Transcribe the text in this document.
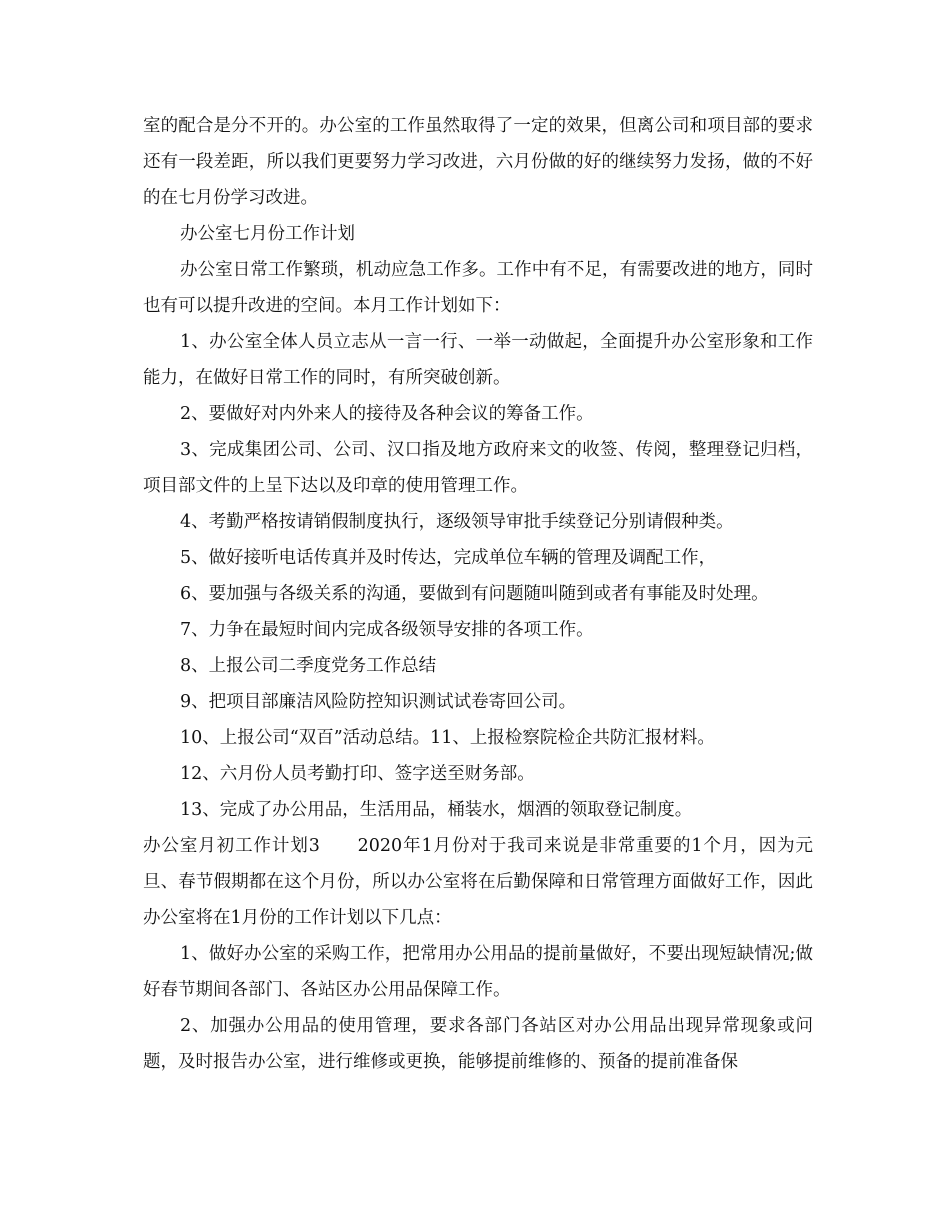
室的配合是分不开的。办公室的工作虽然取得了一定的效果，但离公司和项目部的要求还有一段差距，所以我们更要努力学习改进，六月份做的好的继续努力发扬，做的不好的在七月份学习改进。

办公室七月份工作计划

办公室日常工作繁琐，机动应急工作多。工作中有不足，有需要改进的地方，同时也有可以提升改进的空间。本月工作计划如下：

1、办公室全体人员立志从一言一行、一举一动做起，全面提升办公室形象和工作能力，在做好日常工作的同时，有所突破创新。

2、要做好对内外来人的接待及各种会议的筹备工作。

3、完成集团公司、公司、汉口指及地方政府来文的收签、传阅，整理登记归档，项目部文件的上呈下达以及印章的使用管理工作。

4、考勤严格按请销假制度执行，逐级领导审批手续登记分别请假种类。

5、做好接听电话传真并及时传达，完成单位车辆的管理及调配工作，

6、要加强与各级关系的沟通，要做到有问题随叫随到或者有事能及时处理。

7、力争在最短时间内完成各级领导安排的各项工作。

8、上报公司二季度党务工作总结

9、把项目部廉洁风险防控知识测试试卷寄回公司。

10、上报公司“双百”活动总结。11、上报检察院检企共防汇报材料。

12、六月份人员考勤打印、签字送至财务部。

13、完成了办公用品，生活用品，桶装水，烟酒的领取登记制度。

办公室月初工作计划3　　2020年1月份对于我司来说是非常重要的1个月，因为元旦、春节假期都在这个月份，所以办公室将在后勤保障和日常管理方面做好工作，因此办公室将在1月份的工作计划以下几点：

1、做好办公室的采购工作，把常用办公用品的提前量做好，不要出现短缺情况;做好春节期间各部门、各站区办公用品保障工作。

2、加强办公用品的使用管理，要求各部门各站区对办公用品出现异常现象或问题，及时报告办公室，进行维修或更换，能够提前维修的、预备的提前准备保
